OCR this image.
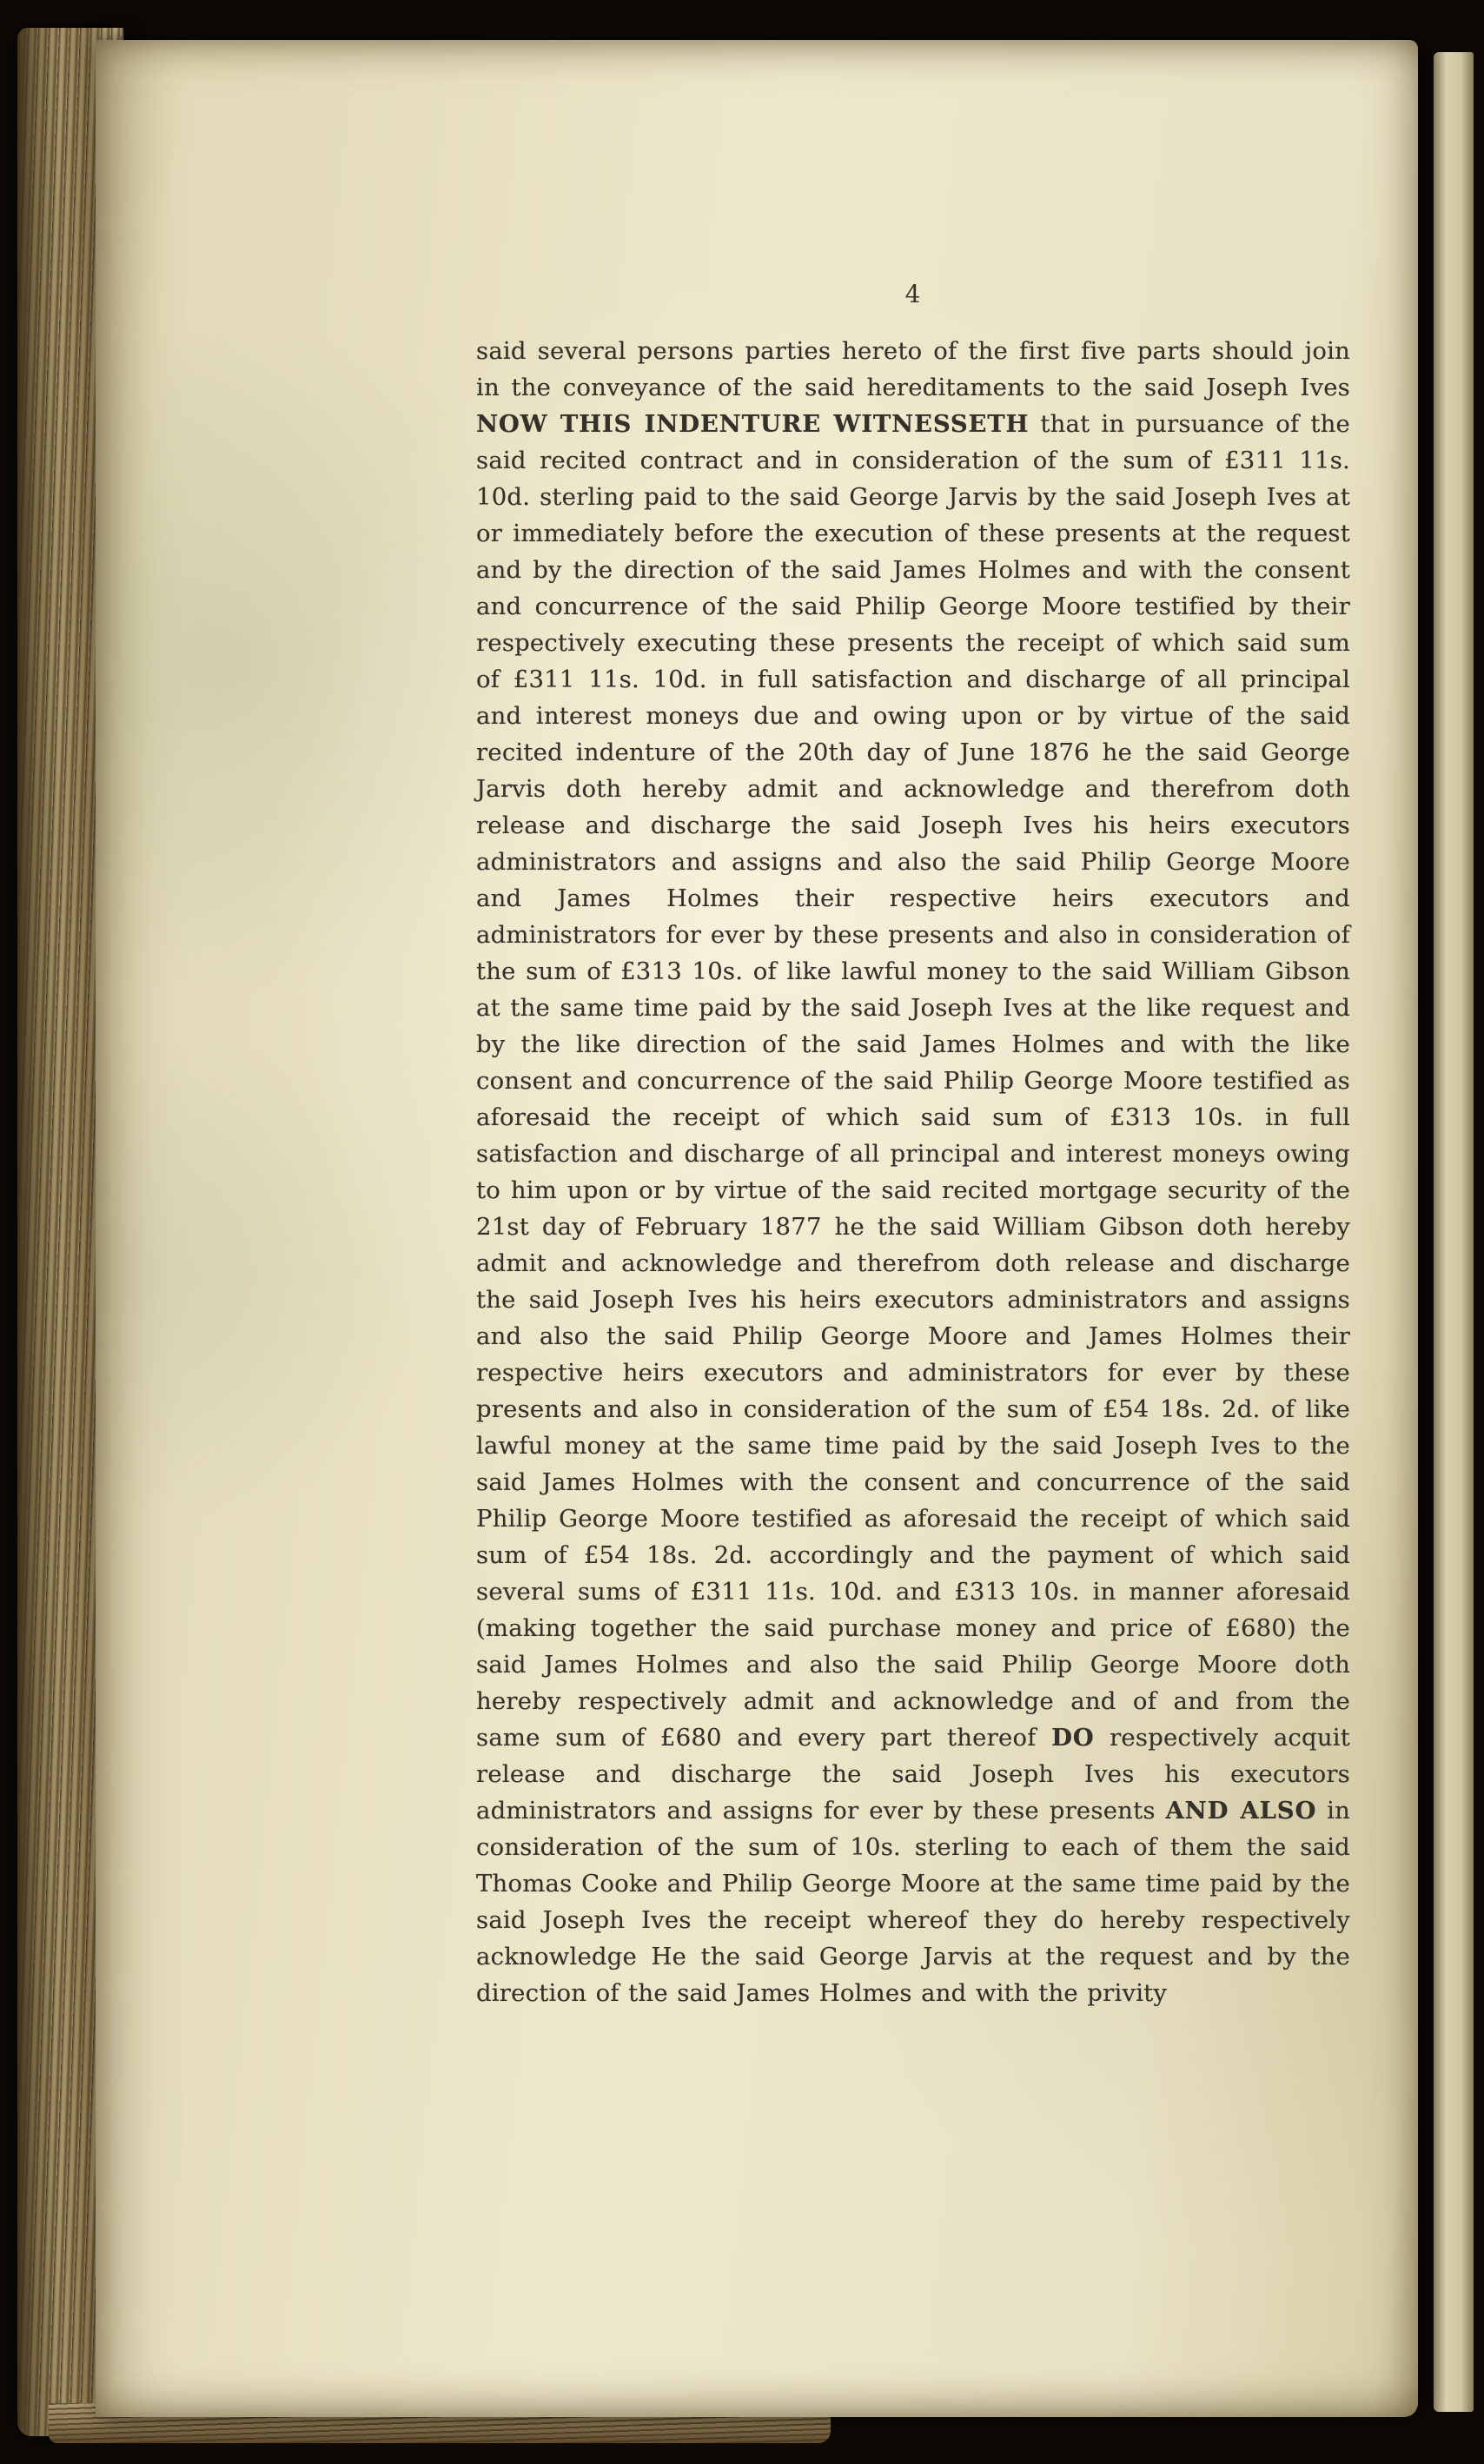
4

said several persons parties hereto of the first five parts should join in the conveyance of the said hereditaments to the said Joseph Ives NOW THIS INDENTURE WITNESSETH that in pursuance of the said recited contract and in consideration of the sum of £311 11s. 10d. sterling paid to the said George Jarvis by the said Joseph Ives at or immediately before the execution of these presents at the request and by the direction of the said James Holmes and with the consent and concurrence of the said Philip George Moore testified by their respectively executing these presents the receipt of which said sum of £311 11s. 10d. in full satisfaction and discharge of all principal and interest moneys due and owing upon or by virtue of the said recited indenture of the 20th day of June 1876 he the said George Jarvis doth hereby admit and acknowledge and therefrom doth release and discharge the said Joseph Ives his heirs executors administrators and assigns and also the said Philip George Moore and James Holmes their respective heirs executors and administrators for ever by these presents and also in consideration of the sum of £313 10s. of like lawful money to the said William Gibson at the same time paid by the said Joseph Ives at the like request and by the like direction of the said James Holmes and with the like consent and concurrence of the said Philip George Moore testified as aforesaid the receipt of which said sum of £313 10s. in full satisfaction and discharge of all principal and interest moneys owing to him upon or by virtue of the said recited mortgage security of the 21st day of February 1877 he the said William Gibson doth hereby admit and acknowledge and therefrom doth release and discharge the said Joseph Ives his heirs executors administrators and assigns and also the said Philip George Moore and James Holmes their respective heirs executors and administrators for ever by these presents and also in consideration of the sum of £54 18s. 2d. of like lawful money at the same time paid by the said Joseph Ives to the said James Holmes with the consent and concurrence of the said Philip George Moore testified as aforesaid the receipt of which said sum of £54 18s. 2d. accordingly and the payment of which said several sums of £311 11s. 10d. and £313 10s. in manner aforesaid (making together the said purchase money and price of £680) the said James Holmes and also the said Philip George Moore doth hereby respectively admit and acknowledge and of and from the same sum of £680 and every part thereof DO respectively acquit release and discharge the said Joseph Ives his executors administrators and assigns for ever by these presents AND ALSO in consideration of the sum of 10s. sterling to each of them the said Thomas Cooke and Philip George Moore at the same time paid by the said Joseph Ives the receipt whereof they do hereby respectively acknowledge He the said George Jarvis at the request and by the direction of the said James Holmes and with the privity
